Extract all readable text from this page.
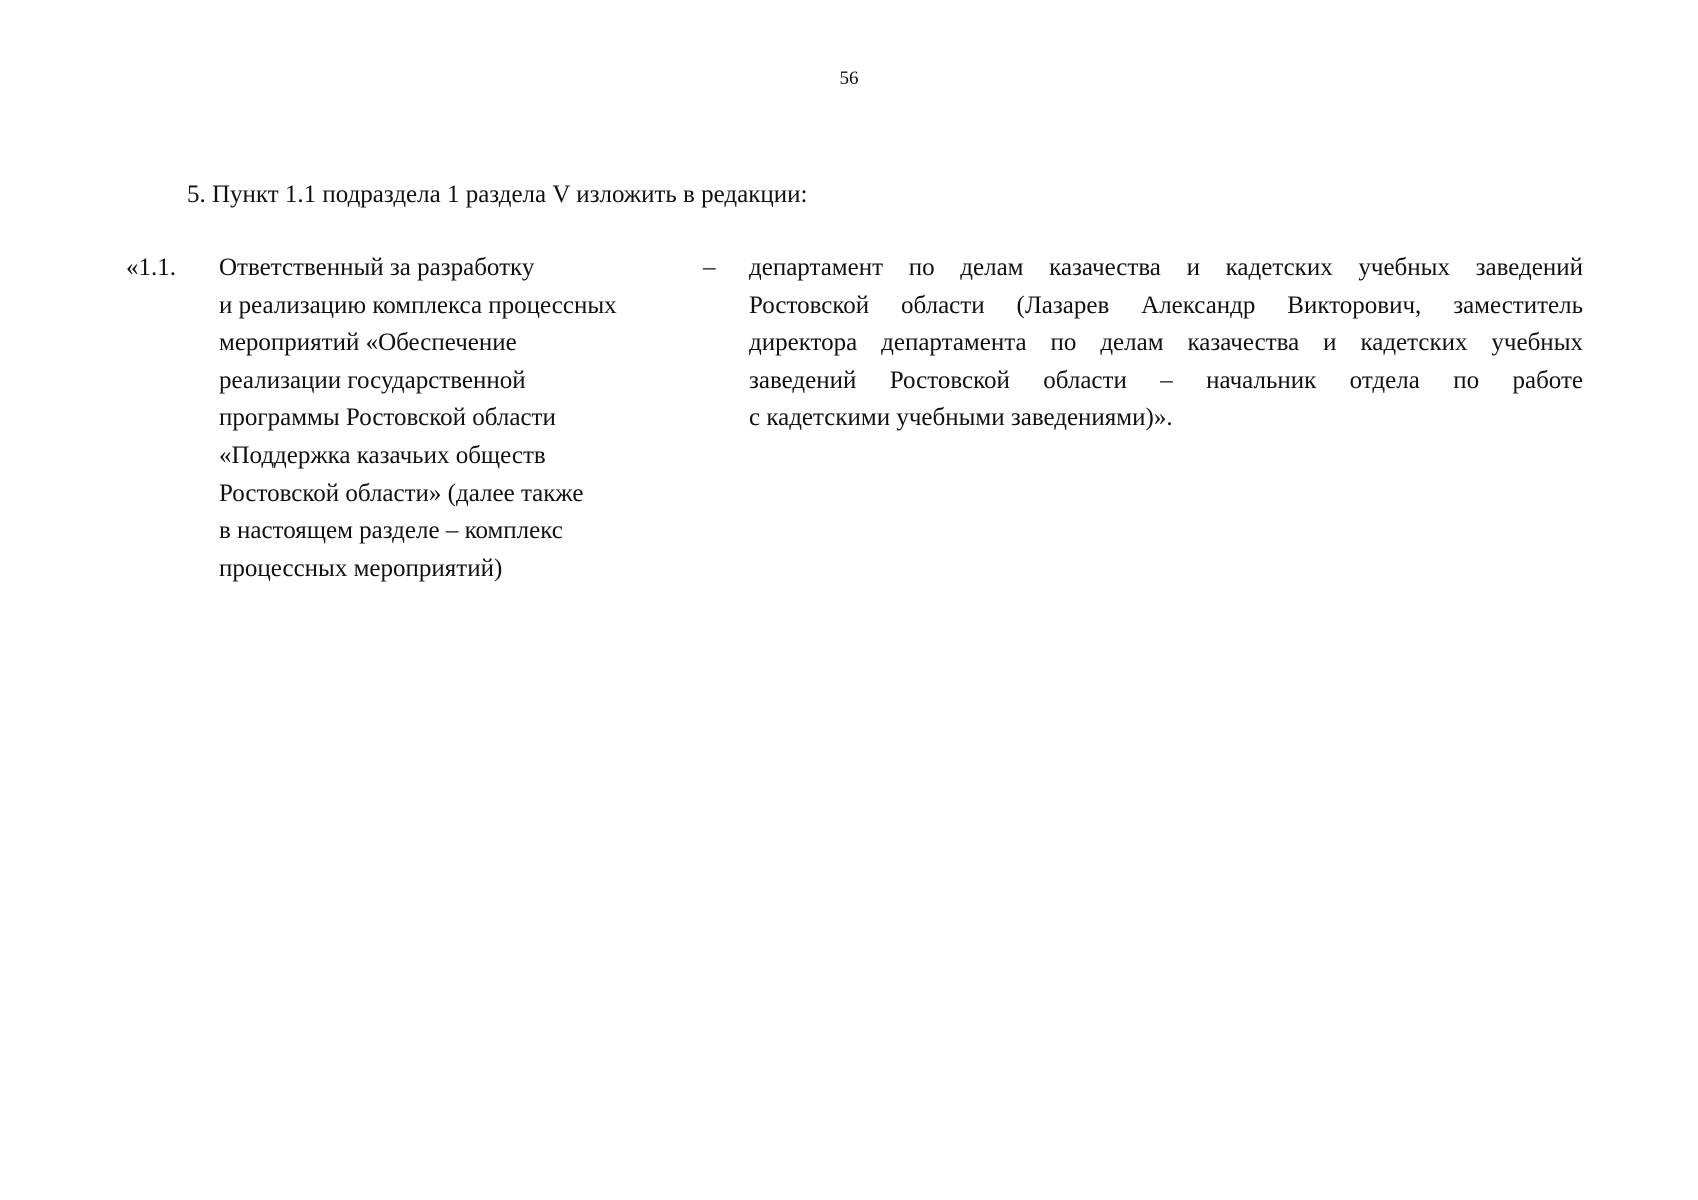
56
5. Пункт 1.1 подраздела 1 раздела V изложить в редакции:
«1.1. Ответственный за разработку
и реализацию комплекса процессных
мероприятий «Обеспечение
реализации государственной
программы Ростовской области
«Поддержка казачьих обществ
Ростовской области» (далее также
в настоящем разделе – комплекс
процессных мероприятий)
– департамент по делам казачества и кадетских учебных заведений
Ростовской области (Лазарев Александр Викторович, заместитель
директора департамента по делам казачества и кадетских учебных
заведений Ростовской области – начальник отдела по работе
с кадетскими учебными заведениями)».
